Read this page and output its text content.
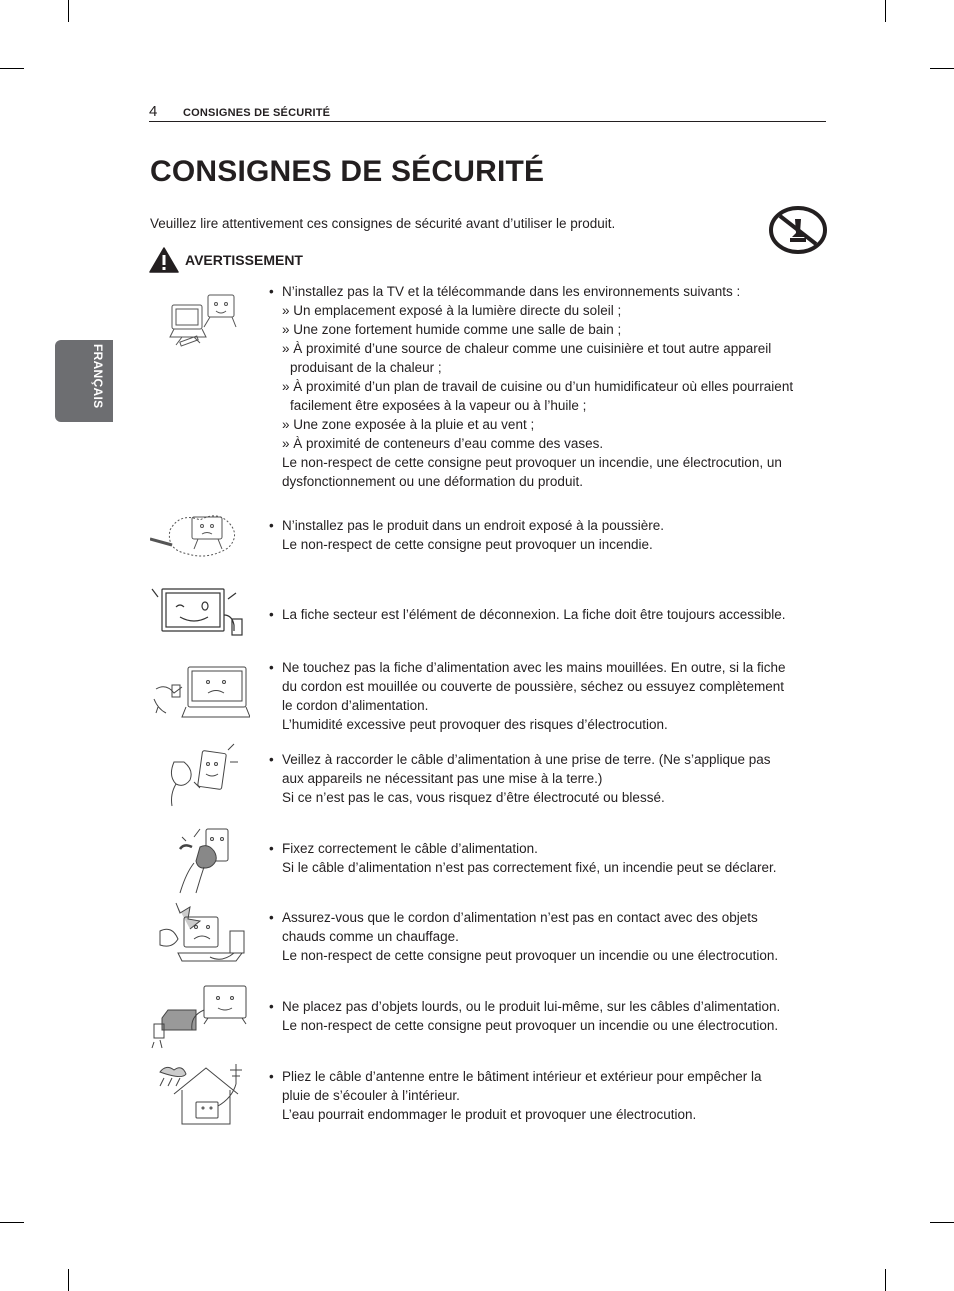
4 CONSIGNES DE SÉCURITÉ
FRANÇAIS
CONSIGNES DE SÉCURITÉ
Veuillez lire attentivement ces consignes de sécurité avant d’utiliser le produit.
AVERTISSEMENT
• N’installez pas la TV et la télécommande dans les environnements suivants :
» Un emplacement exposé à la lumière directe du soleil ;
» Une zone fortement humide comme une salle de bain ;
» À proximité d’une source de chaleur comme une cuisinière et tout autre appareil
produisant de la chaleur ;
» À proximité d’un plan de travail de cuisine ou d’un humidificateur où elles pourraient
facilement être exposées à la vapeur ou à l’huile ;
» Une zone exposée à la pluie et au vent ;
» À proximité de conteneurs d’eau comme des vases.
Le non-respect de cette consigne peut provoquer un incendie, une électrocution, un
dysfonctionnement ou une déformation du produit.
• N’installez pas le produit dans un endroit exposé à la poussière.
Le non-respect de cette consigne peut provoquer un incendie.
• La fiche secteur est l’élément de déconnexion. La fiche doit être toujours accessible.
• Ne touchez pas la fiche d’alimentation avec les mains mouillées. En outre, si la fiche
du cordon est mouillée ou couverte de poussière, séchez ou essuyez complètement
le cordon d’alimentation.
L’humidité excessive peut provoquer des risques d’électrocution.
• Veillez à raccorder le câble d’alimentation à une prise de terre. (Ne s’applique pas
aux appareils ne nécessitant pas une mise à la terre.)
Si ce n’est pas le cas, vous risquez d’être électrocuté ou blessé.
• Fixez correctement le câble d’alimentation.
Si le câble d’alimentation n’est pas correctement fixé, un incendie peut se déclarer.
• Assurez-vous que le cordon d’alimentation n’est pas en contact avec des objets
chauds comme un chauffage.
Le non-respect de cette consigne peut provoquer un incendie ou une électrocution.
• Ne placez pas d’objets lourds, ou le produit lui-même, sur les câbles d’alimentation.
Le non-respect de cette consigne peut provoquer un incendie ou une électrocution.
• Pliez le câble d’antenne entre le bâtiment intérieur et extérieur pour empêcher la
pluie de s’écouler à l’intérieur.
L’eau pourrait endommager le produit et provoquer une électrocution.
